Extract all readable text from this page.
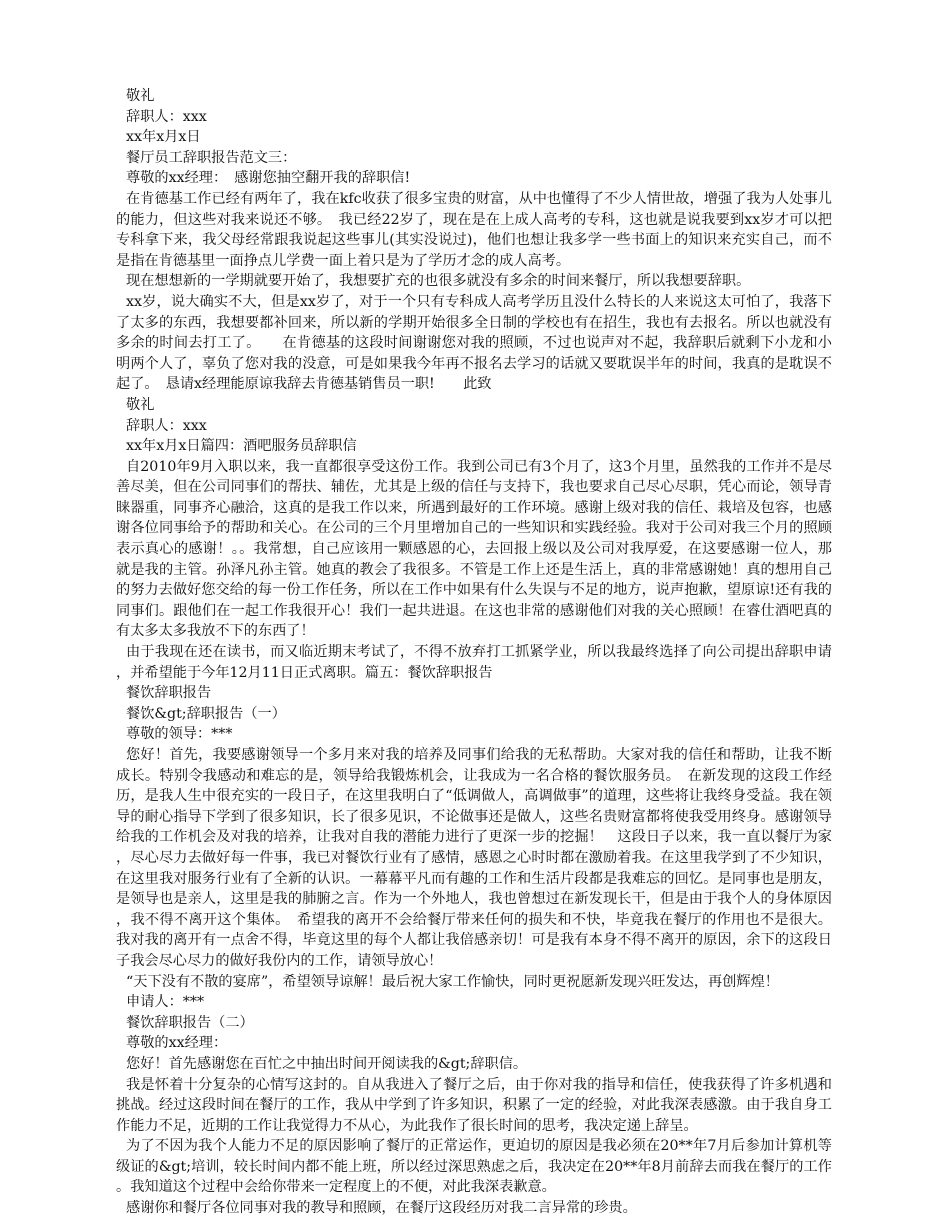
敬礼
辞职人：xxx
xx年x月x日
餐厅员工辞职报告范文三：
尊敬的xx经理：　感谢您抽空翻开我的辞职信!
在肯德基工作已经有两年了，我在kfc收获了很多宝贵的财富，从中也懂得了不少人情世故，增强了我为人处事儿的能力，但这些对我来说还不够。　我已经22岁了，现在是在上成人高考的专科，这也就是说我要到xx岁才可以把专科拿下来，我父母经常跟我说起这些事儿(其实没说过)，他们也想让我多学一些书面上的知识来充实自己，而不是指在肯德基里一面挣点儿学费一面上着只是为了学历才念的成人高考。
现在想想新的一学期就要开始了，我想要扩充的也很多就没有多余的时间来餐厅，所以我想要辞职。
xx岁，说大确实不大，但是xx岁了，对于一个只有专科成人高考学历且没什么特长的人来说这太可怕了，我落下了太多的东西，我想要都补回来，所以新的学期开始很多全日制的学校也有在招生，我也有去报名。所以也就没有多余的时间去打工了。　　在肯德基的这段时间谢谢您对我的照顾，不过也说声对不起，我辞职后就剩下小龙和小明两个人了，辜负了您对我的没意，可是如果我今年再不报名去学习的话就又要耽误半年的时间，我真的是耽误不起了。　恳请x经理能原谅我辞去肯德基销售员一职!　　此致
敬礼
辞职人：xxx
xx年x月x日篇四：酒吧服务员辞职信
自2010年9月入职以来，我一直都很享受这份工作。我到公司已有3个月了，这3个月里，虽然我的工作并不是尽善尽美，但在公司同事们的帮扶、辅佐，尤其是上级的信任与支持下，我也要求自己尽心尽职，凭心而论，领导青睐器重，同事齐心融洽，这真的是我工作以来，所遇到最好的工作环境。感谢上级对我的信任、栽培及包容，也感谢各位同事给予的帮助和关心。在公司的三个月里增加自己的一些知识和实践经验。我对于公司对我三个月的照顾表示真心的感谢！。。我常想，自己应该用一颗感恩的心，去回报上级以及公司对我厚爱，在这要感谢一位人，那就是我的主管。孙泽凡孙主管。她真的教会了我很多。不管是工作上还是生活上，真的非常感谢她！真的想用自己的努力去做好您交给的每一份工作任务，所以在工作中如果有什么失误与不足的地方，说声抱歉，望原谅!还有我的同事们。跟他们在一起工作我很开心！我们一起共进退。在这也非常的感谢他们对我的关心照顾！在睿仕酒吧真的有太多太多我放不下的东西了！
由于我现在还在读书，而又临近期末考试了，不得不放弃打工抓紧学业，所以我最终选择了向公司提出辞职申请，并希望能于今年12月11日正式离职。篇五：餐饮辞职报告
餐饮辞职报告
餐饮&gt;辞职报告（一）
尊敬的领导：***
您好！首先，我要感谢领导一个多月来对我的培养及同事们给我的无私帮助。大家对我的信任和帮助，让我不断成长。特别令我感动和难忘的是，领导给我锻炼机会，让我成为一名合格的餐饮服务员。　在新发现的这段工作经历，是我人生中很充实的一段日子，在这里我明白了“低调做人，高调做事”的道理，这些将让我终身受益。我在领导的耐心指导下学到了很多知识，长了很多见识，不论做事还是做人，这些名贵财富都将使我受用终身。感谢领导给我的工作机会及对我的培养，让我对自我的潜能力进行了更深一步的挖掘！　这段日子以来，我一直以餐厅为家，尽心尽力去做好每一件事，我已对餐饮行业有了感情，感恩之心时时都在激励着我。在这里我学到了不少知识，在这里我对服务行业有了全新的认识。一幕幕平凡而有趣的工作和生活片段都是我难忘的回忆。是同事也是朋友，是领导也是亲人，这里是我的肺腑之言。作为一个外地人，我也曾想过在新发现长干，但是由于我个人的身体原因，我不得不离开这个集体。　希望我的离开不会给餐厅带来任何的损失和不快，毕竟我在餐厅的作用也不是很大。我对我的离开有一点舍不得，毕竟这里的每个人都让我倍感亲切！可是我有本身不得不离开的原因，余下的这段日子我会尽心尽力的做好我份内的工作，请领导放心！
“天下没有不散的宴席”，希望领导谅解！最后祝大家工作愉快，同时更祝愿新发现兴旺发达，再创辉煌！
申请人：***
餐饮辞职报告（二）
尊敬的xx经理：
您好！首先感谢您在百忙之中抽出时间开阅读我的&gt;辞职信。
我是怀着十分复杂的心情写这封的。自从我进入了餐厅之后，由于你对我的指导和信任，使我获得了许多机遇和挑战。经过这段时间在餐厅的工作，我从中学到了许多知识，积累了一定的经验，对此我深表感激。由于我自身工作能力不足，近期的工作让我觉得力不从心，为此我作了很长时间的思考，我决定递上辞呈。
为了不因为我个人能力不足的原因影响了餐厅的正常运作，更迫切的原因是我必须在20**年7月后参加计算机等级证的&gt;培训，较长时间内都不能上班，所以经过深思熟虑之后，我决定在20**年8月前辞去而我在餐厅的工作。我知道这个过程中会给你带来一定程度上的不便，对此我深表歉意。
感谢你和餐厅各位同事对我的教导和照顾，在餐厅这段经历对我二言异常的珍贵。
